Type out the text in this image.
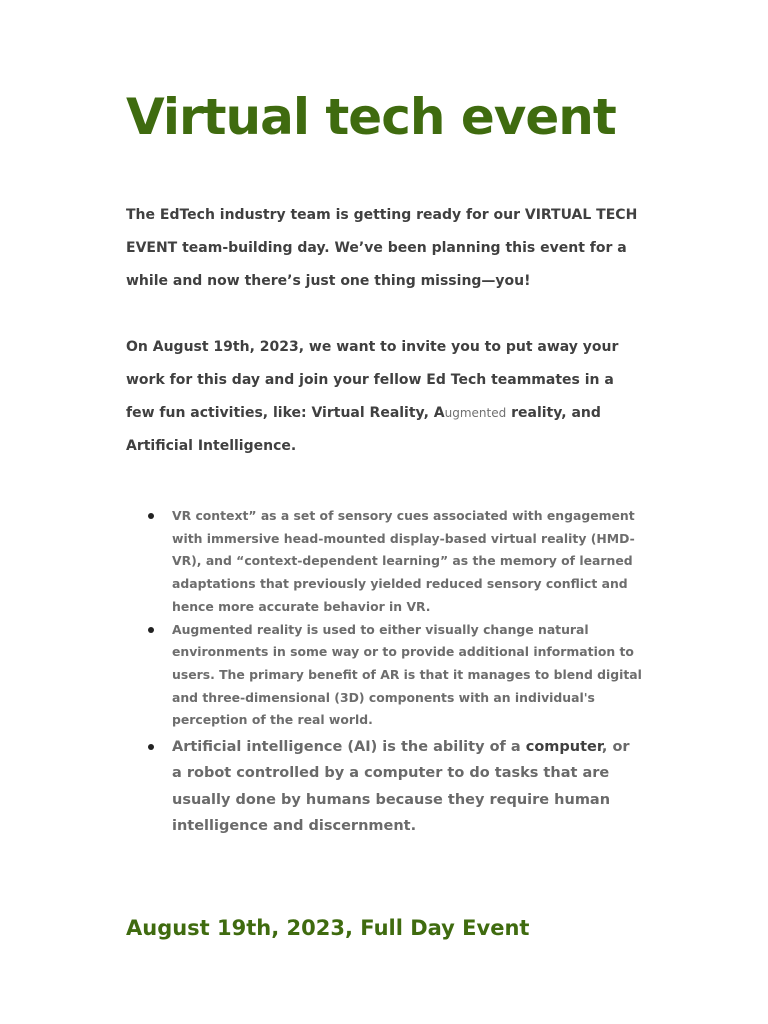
Virtual tech event

The EdTech industry team is getting ready for our VIRTUAL TECH EVENT team-building day. We’ve been planning this event for a while and now there’s just one thing missing—you!

On August 19th, 2023, we want to invite you to put away your work for this day and join your fellow Ed Tech teammates in a few fun activities, like: Virtual Reality, Augmented reality, and Artificial Intelligence.

VR context” as a set of sensory cues associated with engagement with immersive head-mounted display-based virtual reality (HMD-VR), and “context-dependent learning” as the memory of learned adaptations that previously yielded reduced sensory conflict and hence more accurate behavior in VR.
Augmented reality is used to either visually change natural environments in some way or to provide additional information to users. The primary benefit of AR is that it manages to blend digital and three-dimensional (3D) components with an individual's perception of the real world.
Artificial intelligence (AI) is the ability of a computer, or a robot controlled by a computer to do tasks that are usually done by humans because they require human intelligence and discernment.
August 19th, 2023, Full Day Event
